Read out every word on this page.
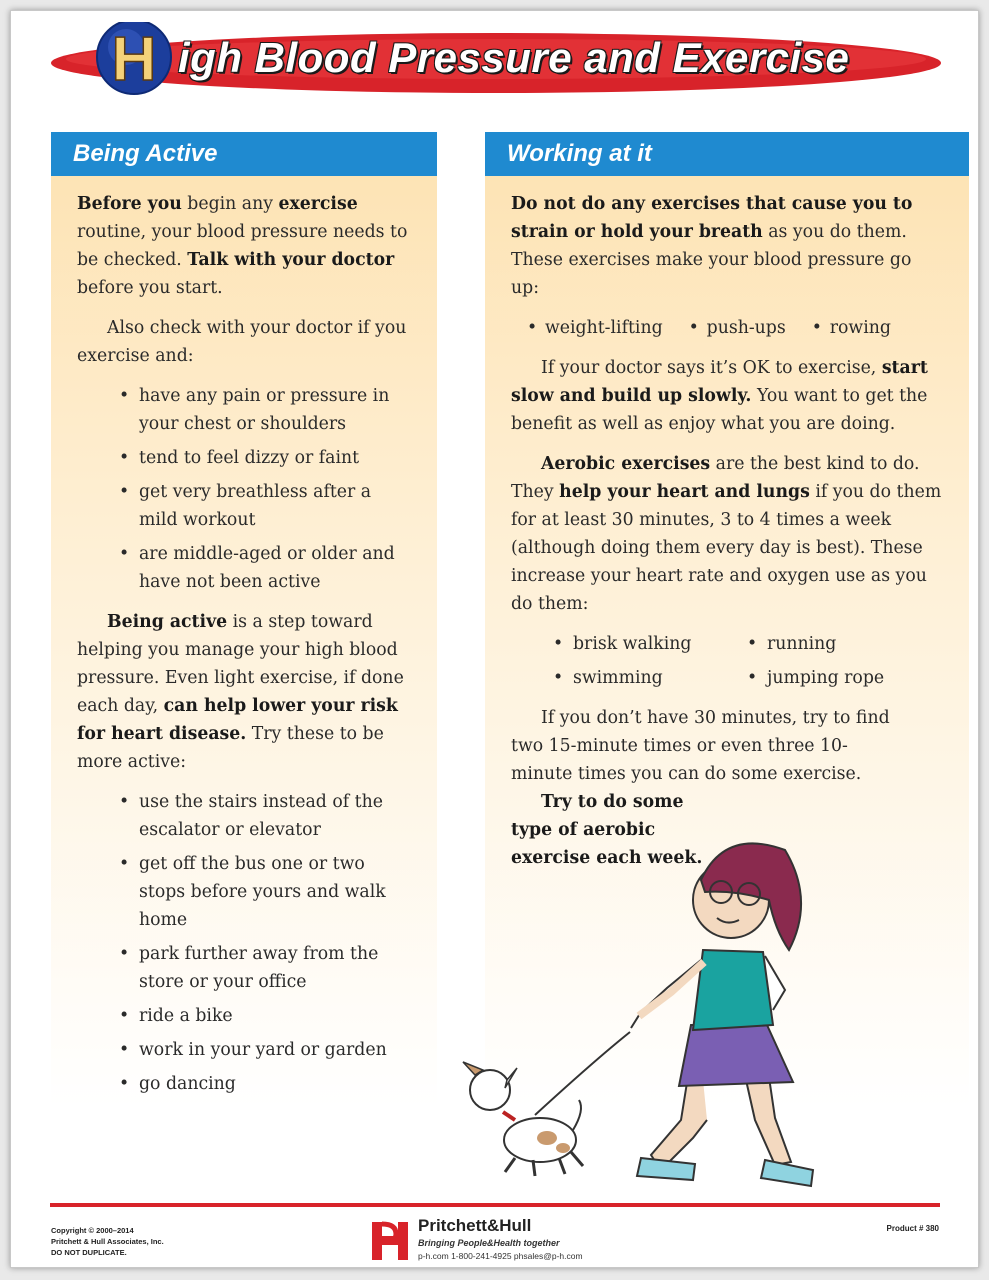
H igh Blood Pressure and Exercise
Being Active

Before you begin any exercise routine, your blood pressure needs to be checked. Talk with your doctor before you start.

Also check with your doctor if you exercise and:

• have any pain or pressure in your chest or shoulders
• tend to feel dizzy or faint
• get very breathless after a mild workout
• are middle-aged or older and have not been active

Being active is a step toward helping you manage your high blood pressure. Even light exercise, if done each day, can help lower your risk for heart disease. Try these to be more active:

• use the stairs instead of the escalator or elevator
• get off the bus one or two stops before yours and walk home
• park further away from the store or your office
• ride a bike
• work in your yard or garden
• go dancing
Working at it

Do not do any exercises that cause you to strain or hold your breath as you do them. These exercises make your blood pressure go up:

• weight-lifting	• push-ups	• rowing

If your doctor says it’s OK to exercise, start slow and build up slowly. You want to get the benefit as well as enjoy what you are doing.

Aerobic exercises are the best kind to do. They help your heart and lungs if you do them for at least 30 minutes, 3 to 4 times a week (although doing them every day is best). These increase your heart rate and oxygen use as you do them:

• brisk walking	• running
• swimming	• jumping rope

If you don’t have 30 minutes, try to find two 15-minute times or even three 10-minute times you can do some exercise. Try to do some type of aerobic exercise each week.

Copyright © 2000–2014
Pritchett & Hull Associates, Inc.
DO NOT DUPLICATE.
Pritchett&Hull
Bringing People&Health together
p-h.com 1-800-241-4925 phsales@p-h.com
Product # 380
